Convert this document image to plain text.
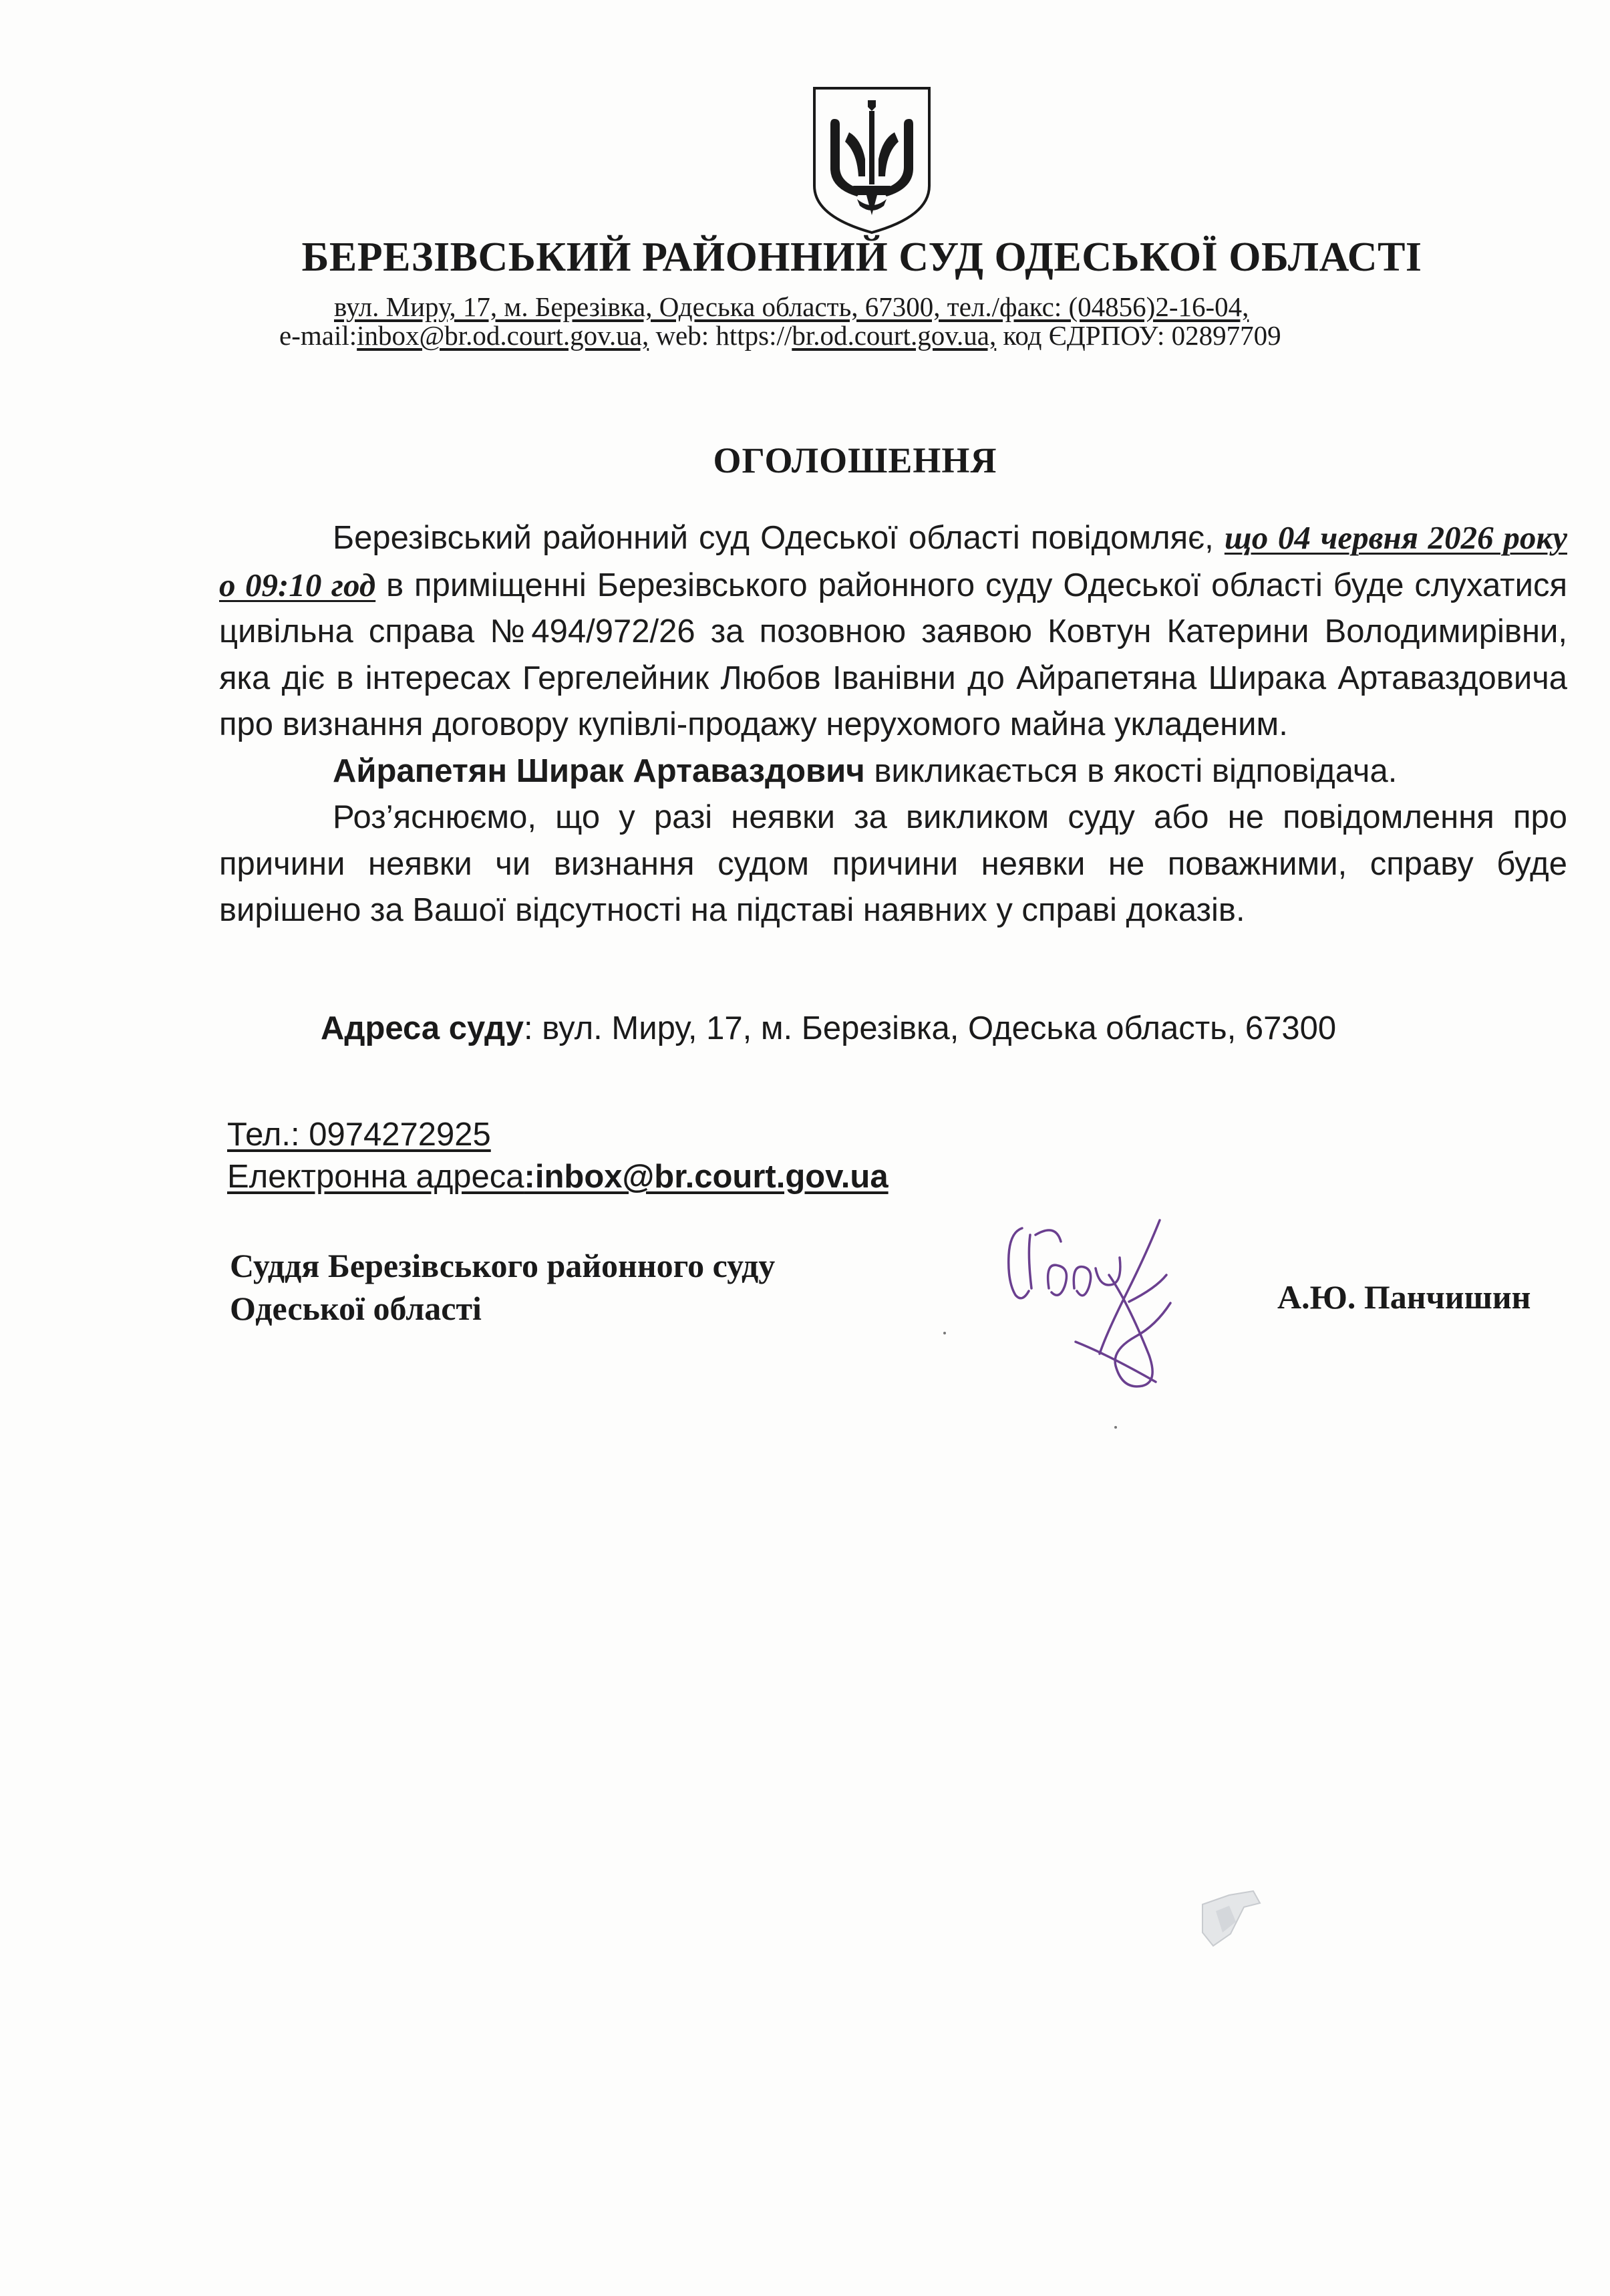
БЕРЕЗІВСЬКИЙ РАЙОННИЙ СУД ОДЕСЬКОЇ ОБЛАСТІ
вул. Миру, 17, м. Березівка, Одеська область, 67300, тел./факс: (04856)2-16-04,
e-mail:inbox@br.od.court.gov.ua, web: https://br.od.court.gov.ua, код ЄДРПОУ: 02897709
ОГОЛОШЕННЯ

Березівський районний суд Одеської області повідомляє, що 04 червня 2026 року о 09:10 год в приміщенні Березівського районного суду Одеської області буде слухатися цивільна справа №494/972/26 за позовною заявою Ковтун Катерини Володимирівни, яка діє в інтересах Гергелейник Любов Іванівни до Айрапетяна Ширака Артаваздовича про визнання договору купівлі-продажу нерухомого майна укладеним.

Айрапетян Ширак Артаваздович викликається в якості відповідача.

Роз’яснюємо, що у разі неявки за викликом суду або не повідомлення про причини неявки чи визнання судом причини неявки не поважними, справу буде вирішено за Вашої відсутності на підставі наявних у справі доказів.

Адреса суду: вул. Миру, 17, м. Березівка, Одеська область, 67300
Тел.: 0974272925
Електронна адреса:inbox@br.court.gov.ua
Суддя Березівського районного суду
Одеської області	А.Ю. Панчишин
